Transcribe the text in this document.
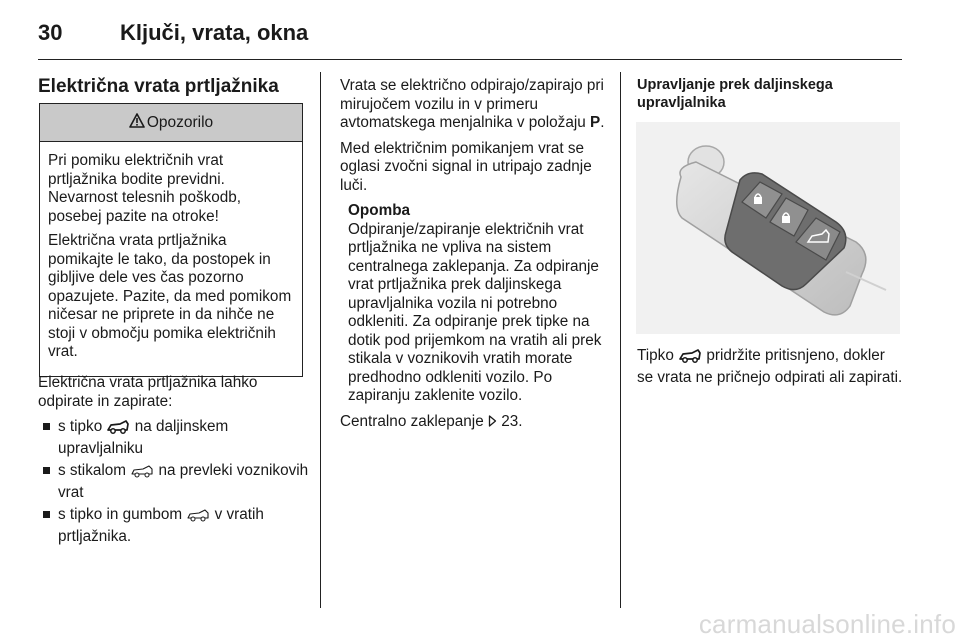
30	Ključi, vrata, okna
Električna vrata prtljažnika
Opozorilo

Pri pomiku električnih vrat prtljažnika bodite previdni. Nevarnost telesnih poškodb, posebej pazite na otroke!

Električna vrata prtljažnika pomikajte le tako, da postopek in gibljive dele ves čas pozorno opazujete. Pazite, da med pomikom ničesar ne priprete in da nihče ne stoji v območju pomika električnih vrat.

Električna vrata prtljažnika lahko odpirate in zapirate:

s tipko na daljinskem upravljalniku
s stikalom na prevleki voznikovih vrat
s tipko in gumbom v vratih prtljažnika.

Vrata se električno odpirajo/zapirajo pri mirujočem vozilu in v primeru avtomatskega menjalnika v položaju P.

Med električnim pomikanjem vrat se oglasi zvočni signal in utripajo zadnje luči.

Opomba

Odpiranje/zapiranje električnih vrat prtljažnika ne vpliva na sistem centralnega zaklepanja. Za odpiranje vrat prtljažnika prek daljinskega upravljalnika vozila ni potrebno odkleniti. Za odpiranje prek tipke na dotik pod prijemkom na vratih ali prek stikala v voznikovih vratih morate predhodno odkleniti vozilo. Po zapiranju zaklenite vozilo.

Centralno zaklepanje 23.

Upravljanje prek daljinskega upravljalnika
Tipko pridržite pritisnjeno, dokler se vrata ne pričnejo odpirati ali zapirati.
carmanualsonline.info
